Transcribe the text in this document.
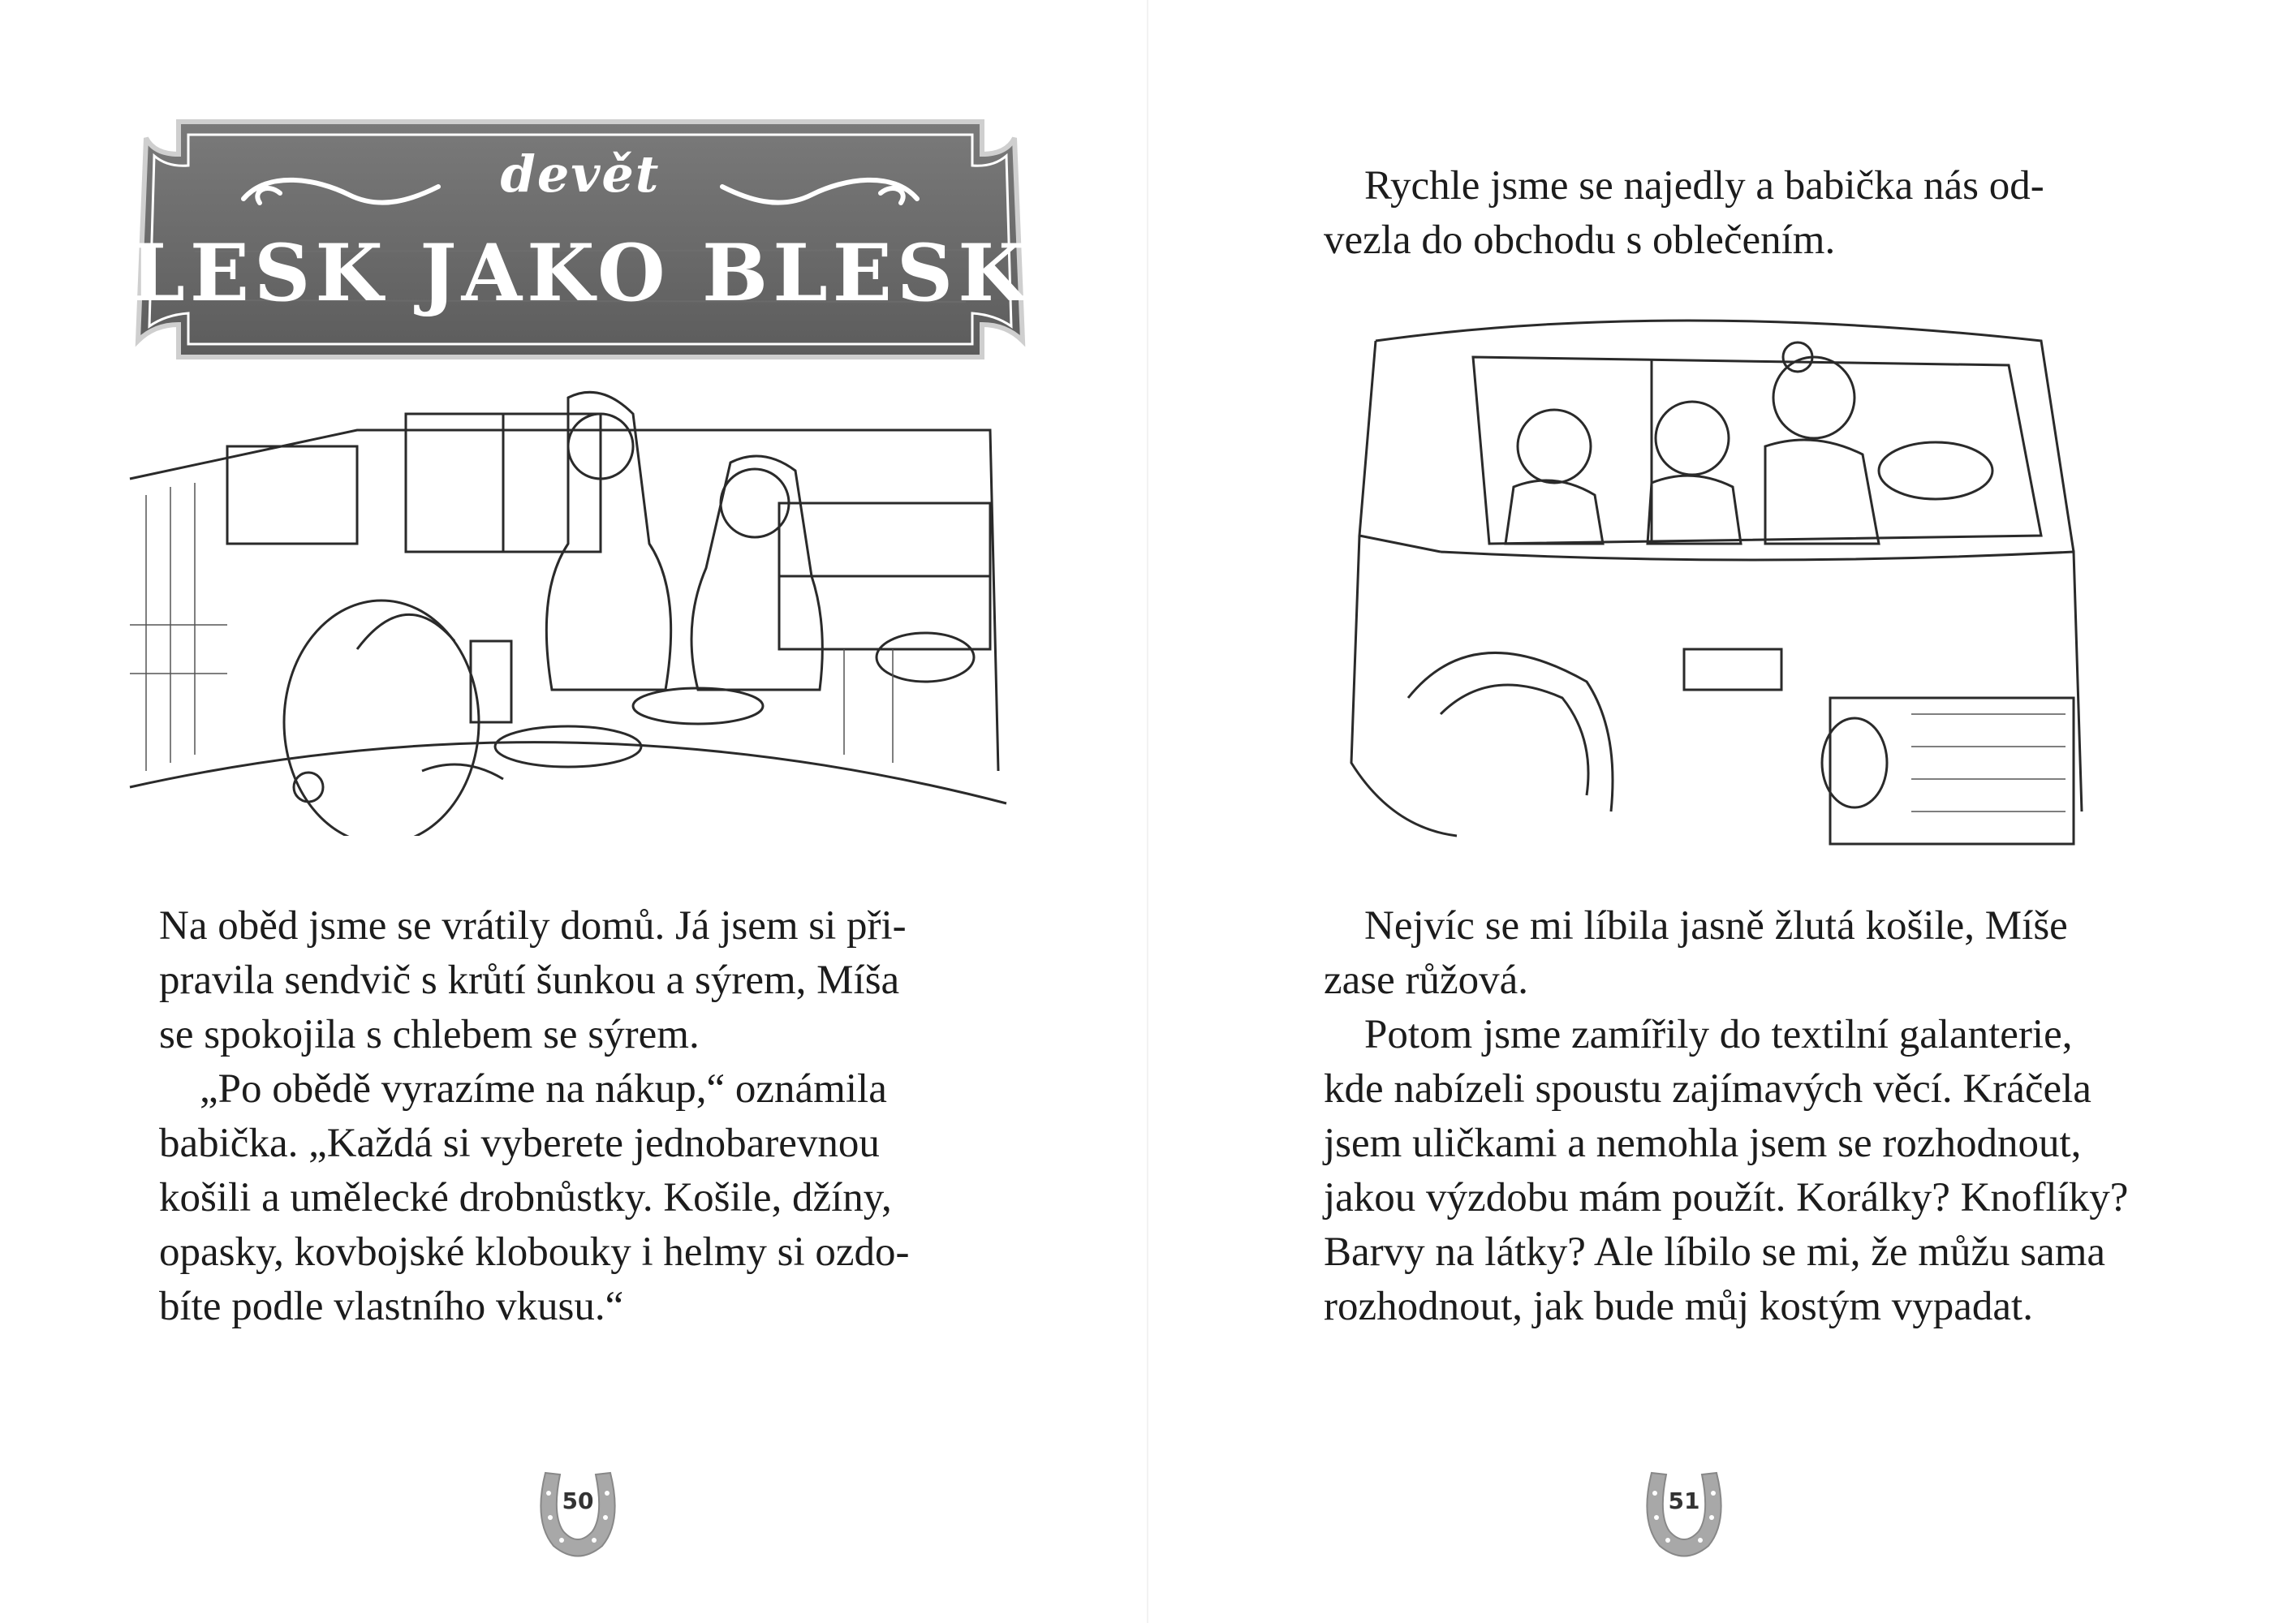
devět
LESK JAKO BLESK

Na oběd jsme se vrátily domů. Já jsem si při-
pravila sendvič s krůtí šunkou a sýrem, Míša
se spokojila s chlebem se sýrem.

„Po obědě vyrazíme na nákup,“ oznámila
babička. „Každá si vyberete jednobarevnou
košili a umělecké drobnůstky. Košile, džíny,
opasky, kovbojské klobouky i helmy si ozdo-
bíte podle vlastního vkusu.“

50

Rychle jsme se najedly a babička nás od-
vezla do obchodu s oblečením.

Nejvíc se mi líbila jasně žlutá košile, Míše
zase růžová.

Potom jsme zamířily do textilní galanterie,
kde nabízeli spoustu zajímavých věcí. Kráčela
jsem uličkami a nemohla jsem se rozhodnout,
jakou výzdobu mám použít. Korálky? Knoflíky?
Barvy na látky? Ale líbilo se mi, že můžu sama
rozhodnout, jak bude můj kostým vypadat.

51
